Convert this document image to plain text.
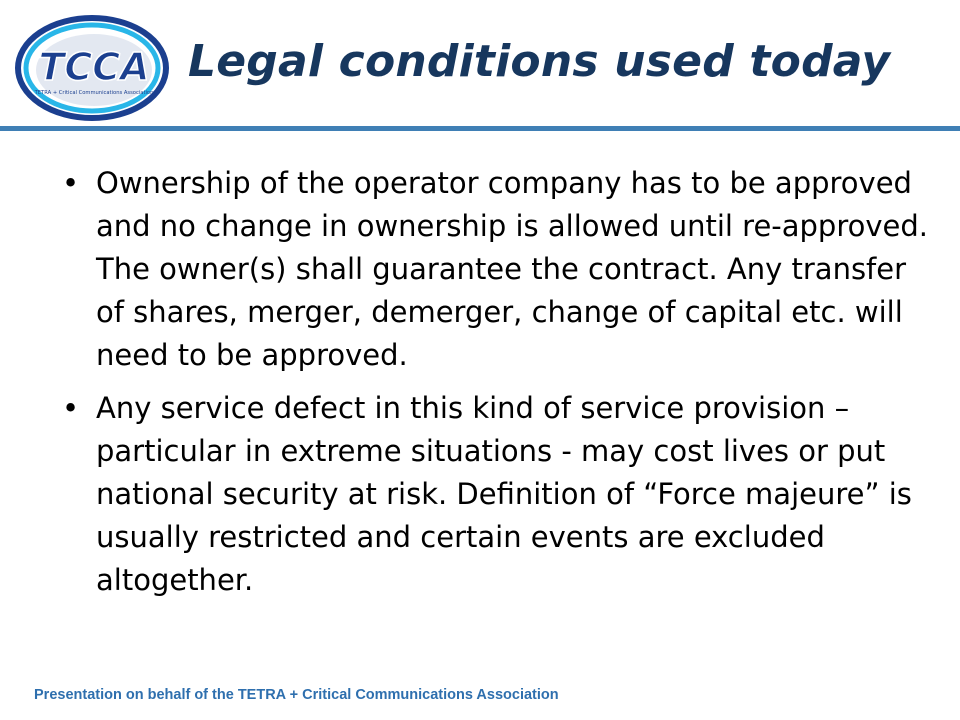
TCCA
TETRA + Critical Communications Association
Legal conditions used today
• Ownership of the operator company has to be approved and no change in ownership is allowed until re-approved. The owner(s) shall guarantee the contract. Any transfer of shares, merger, demerger, change of capital etc. will need to be approved.
• Any service defect in this kind of service provision – particular in extreme situations - may cost lives or put national security at risk. Definition of “Force majeure” is usually restricted and certain events are excluded altogether.
Presentation on behalf of the TETRA + Critical Communications Association
